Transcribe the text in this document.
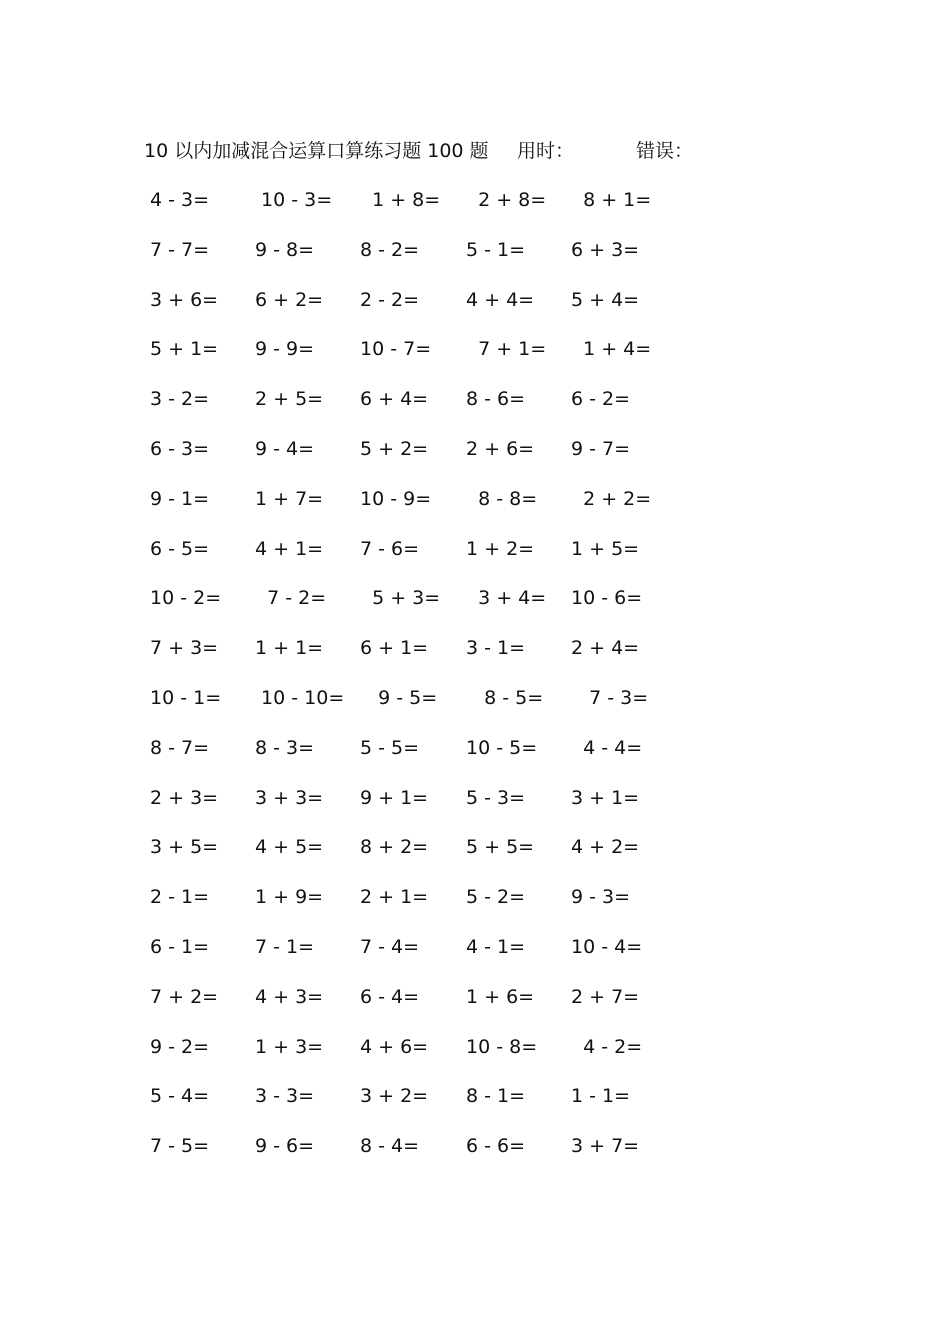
10 以内加减混合运算口算练习题 100 题 用时：	错误：
4 - 3= 10 - 3= 1 + 8= 2 + 8= 8 + 1=
7 - 7= 9 - 8= 8 - 2= 5 - 1= 6 + 3=
3 + 6= 6 + 2= 2 - 2= 4 + 4= 5 + 4=
5 + 1= 9 - 9= 10 - 7= 7 + 1= 1 + 4=
3 - 2= 2 + 5= 6 + 4= 8 - 6= 6 - 2=
6 - 3= 9 - 4= 5 + 2= 2 + 6= 9 - 7=
9 - 1= 1 + 7= 10 - 9= 8 - 8= 2 + 2=
6 - 5= 4 + 1= 7 - 6= 1 + 2= 1 + 5=
10 - 2= 7 - 2= 5 + 3= 3 + 4= 10 - 6=
7 + 3= 1 + 1= 6 + 1= 3 - 1= 2 + 4=
10 - 1= 10 - 10= 9 - 5= 8 - 5= 7 - 3=
8 - 7= 8 - 3= 5 - 5= 10 - 5= 4 - 4=
2 + 3= 3 + 3= 9 + 1= 5 - 3= 3 + 1=
3 + 5= 4 + 5= 8 + 2= 5 + 5= 4 + 2=
2 - 1= 1 + 9= 2 + 1= 5 - 2= 9 - 3=
6 - 1= 7 - 1= 7 - 4= 4 - 1= 10 - 4=
7 + 2= 4 + 3= 6 - 4= 1 + 6= 2 + 7=
9 - 2= 1 + 3= 4 + 6= 10 - 8= 4 - 2=
5 - 4= 3 - 3= 3 + 2= 8 - 1= 1 - 1=
7 - 5= 9 - 6= 8 - 4= 6 - 6= 3 + 7=
